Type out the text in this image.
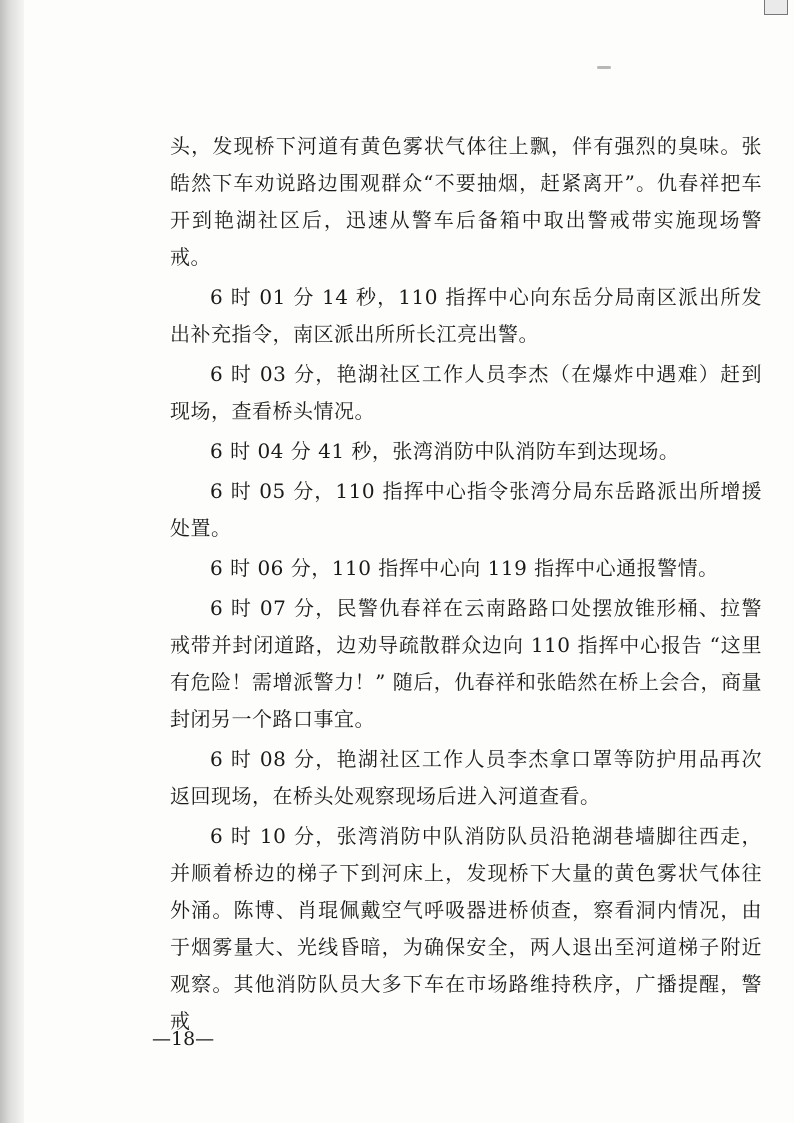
头，发现桥下河道有黄色雾状气体往上飘，伴有强烈的臭味。张皓然下车劝说路边围观群众“不要抽烟，赶紧离开”。仇春祥把车开到艳湖社区后，迅速从警车后备箱中取出警戒带实施现场警戒。

6 时 01 分 14 秒，110 指挥中心向东岳分局南区派出所发出补充指令，南区派出所所长江亮出警。

6 时 03 分，艳湖社区工作人员李杰（在爆炸中遇难）赶到现场，查看桥头情况。

6 时 04 分 41 秒，张湾消防中队消防车到达现场。

6 时 05 分，110 指挥中心指令张湾分局东岳路派出所增援处置。

6 时 06 分，110 指挥中心向 119 指挥中心通报警情。

6 时 07 分，民警仇春祥在云南路路口处摆放锥形桶、拉警戒带并封闭道路，边劝导疏散群众边向 110 指挥中心报告 “这里有危险！需增派警力！” 随后，仇春祥和张皓然在桥上会合，商量封闭另一个路口事宜。

6 时 08 分，艳湖社区工作人员李杰拿口罩等防护用品再次返回现场，在桥头处观察现场后进入河道查看。

6 时 10 分，张湾消防中队消防队员沿艳湖巷墙脚往西走，并顺着桥边的梯子下到河床上，发现桥下大量的黄色雾状气体往外涌。陈博、肖琨佩戴空气呼吸器进桥侦查，察看洞内情况，由于烟雾量大、光线昏暗，为确保安全，两人退出至河道梯子附近观察。其他消防队员大多下车在市场路维持秩序，广播提醒，警戒

—18—
